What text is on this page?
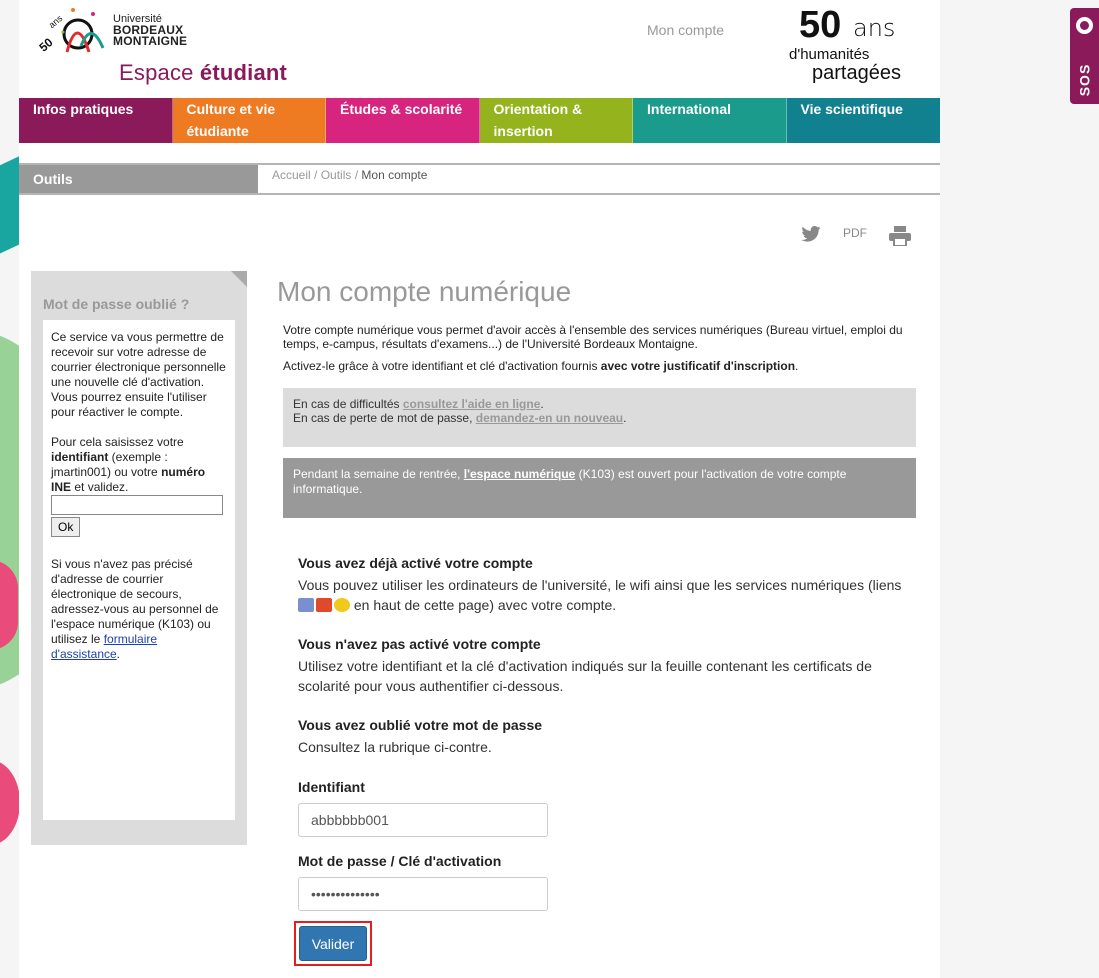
50
ans	Université
BORDEAUX
MONTAIGNE
Espace étudiant
Mon compte 50 ans
d'humanités
partagées
Infos pratiques	Culture et vie
étudiante
Études & scolarité	Orientation &
insertion
International	Vie scientifique
Outils	Accueil / Outils / Mon compte
PDF
Mot de passe oublié ?

Ce service va vous permettre de recevoir sur votre adresse de courrier électronique personnelle une nouvelle clé d'activation. Vous pourrez ensuite l'utiliser pour réactiver le compte.

Pour cela saisissez votre identifiant (exemple : jmartin001) ou votre numéro INE et validez.
Ok

Si vous n'avez pas précisé d'adresse de courrier électronique de secours, adressez-vous au personnel de l'espace numérique (K103) ou utilisez le formulaire d'assistance.

Mon compte numérique

Votre compte numérique vous permet d'avoir accès à l'ensemble des services numériques (Bureau virtuel, emploi du temps, e-campus, résultats d'examens...) de l'Université Bordeaux Montaigne.

Activez-le grâce à votre identifiant et clé d'activation fournis avec votre justificatif d'inscription.

En cas de difficultés consultez l'aide en ligne.
En cas de perte de mot de passe, demandez-en un nouveau.
Pendant la semaine de rentrée, l'espace numérique (K103) est ouvert pour l'activation de votre compte informatique.
Vous avez déjà activé votre compte
Vous pouvez utiliser les ordinateurs de l'université, le wifi ainsi que les services numériques (liens
en haut de cette page) avec votre compte.
Vous n'avez pas activé votre compte
Utilisez votre identifiant et la clé d'activation indiqués sur la feuille contenant les certificats de scolarité pour vous authentifier ci-dessous.
Vous avez oublié votre mot de passe
Consultez la rubrique ci-contre.
Identifiant
abbbbbb001
Mot de passe / Clé d'activation
••••••••••••••
Valider
SOS
